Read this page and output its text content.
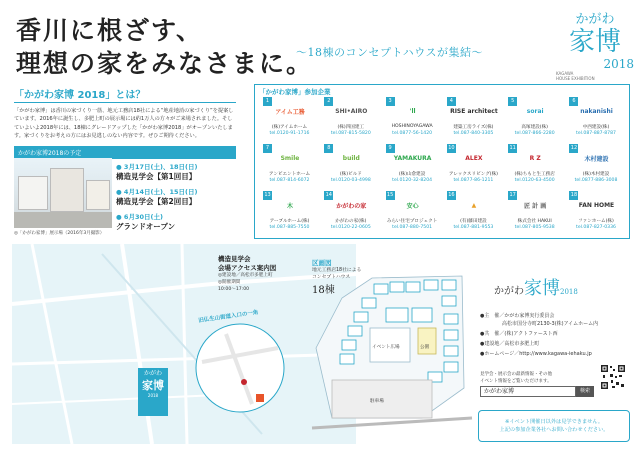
香川に根ざす、
理想の家をみなさまに。
〜18棟のコンセプトハウスが集結〜
かがわ
家博
2018
KAGAWA
HOUSE EXHIBITION
「かがわ家博 2018」とは？

「かがわ家博」は香川の家づくり一筋、地元工務店18社による“地産地消の家づくり”を提案しています。2016年に誕生し、多肥上町の展示場には約1万人の方々がご来場されました。そしていよいよ2018年には、18棟にグレードアップした「かがわ家博2018」がオープンいたします。家づくりをお考えの方にはお見逃しのない内容です。ぜひご期待ください。

かがわ家博2018の予定
◎「かがわ家博」展示場（2016年3月撮影）
● 3月17日(土)、18日(日)
構造見学会【第1回目】
● 4月14日(土)、15日(日)
構造見学会【第2回目】
● 6月30日(土)
グランドオープン
「かがわ家博」参加企業
1
アイム工務
(株)アイムホーム
tel.0120-91-1716
2
SHI•AIRO
(株)四国建工
tel.087-815-5820
3
'll
HOSHINOYAGAWA
tel.0877-56-1420
4
RISE architect
建築工房ライズ(株)
tel.087-840-3305
5
sorai
高塚建設(株)
tel.087-866-2280
6
nakanishi
中西建設(株)
tel.087-887-8787
7
Smile
アンビエントホーム
tel.087-814-6072
8
build
(株)ビルド
tel.0120-03-4998
9
YAMAKURA
(株)山倉建設
tel.0120-32-8204
10
ALEX
アレックスリビング(株)
tel.0877-86-1211
11
R Z
(株)ちもと生工務店
tel.0120-63-4500
12
木村建設
(株)木村建設
tel.0877-886-3008
13
木
アーブルホーム(株)
tel.087-885-7550
14
かがわの家
かがわの家(株)
tel.0120-22-0605
15
安心
みらい住宅プロジェクト
tel.087-880-7501
16
▲
(有)藤田建設
tel.087-881-9553
17
匠 計 画
株式会社 HAKUI
tel.087-805-9538
18
FAN HOME
ファンホーム(株)
tel.087-827-0336
構造見学会
会場アクセス案内図
◎建設地／高松市多肥上町
◎開催期間
10:00〜17:00
旧仏生山街道入口の一角
かがわ
家博
2018
区画図
地元工務店18社による
コンセプトハウス
18棟
イベント広場	公園
駐車場
かがわ家博2018
●主　催／かがわ家博実行委員会
高松市国分寺町2130-3(株)アイムホーム内
●共　催／(株)アクトファースト西
●建設地／高松市多肥上町
●ホームページ／http://www.kagawa-iehaku.jp
見学会・展示会の最新情報・その他
イベント情報をご覧いただけます。
かがわ家博	検索
※イベント開催日以外は見学できません。
上記の参加企業各社へお問い合わせください。
